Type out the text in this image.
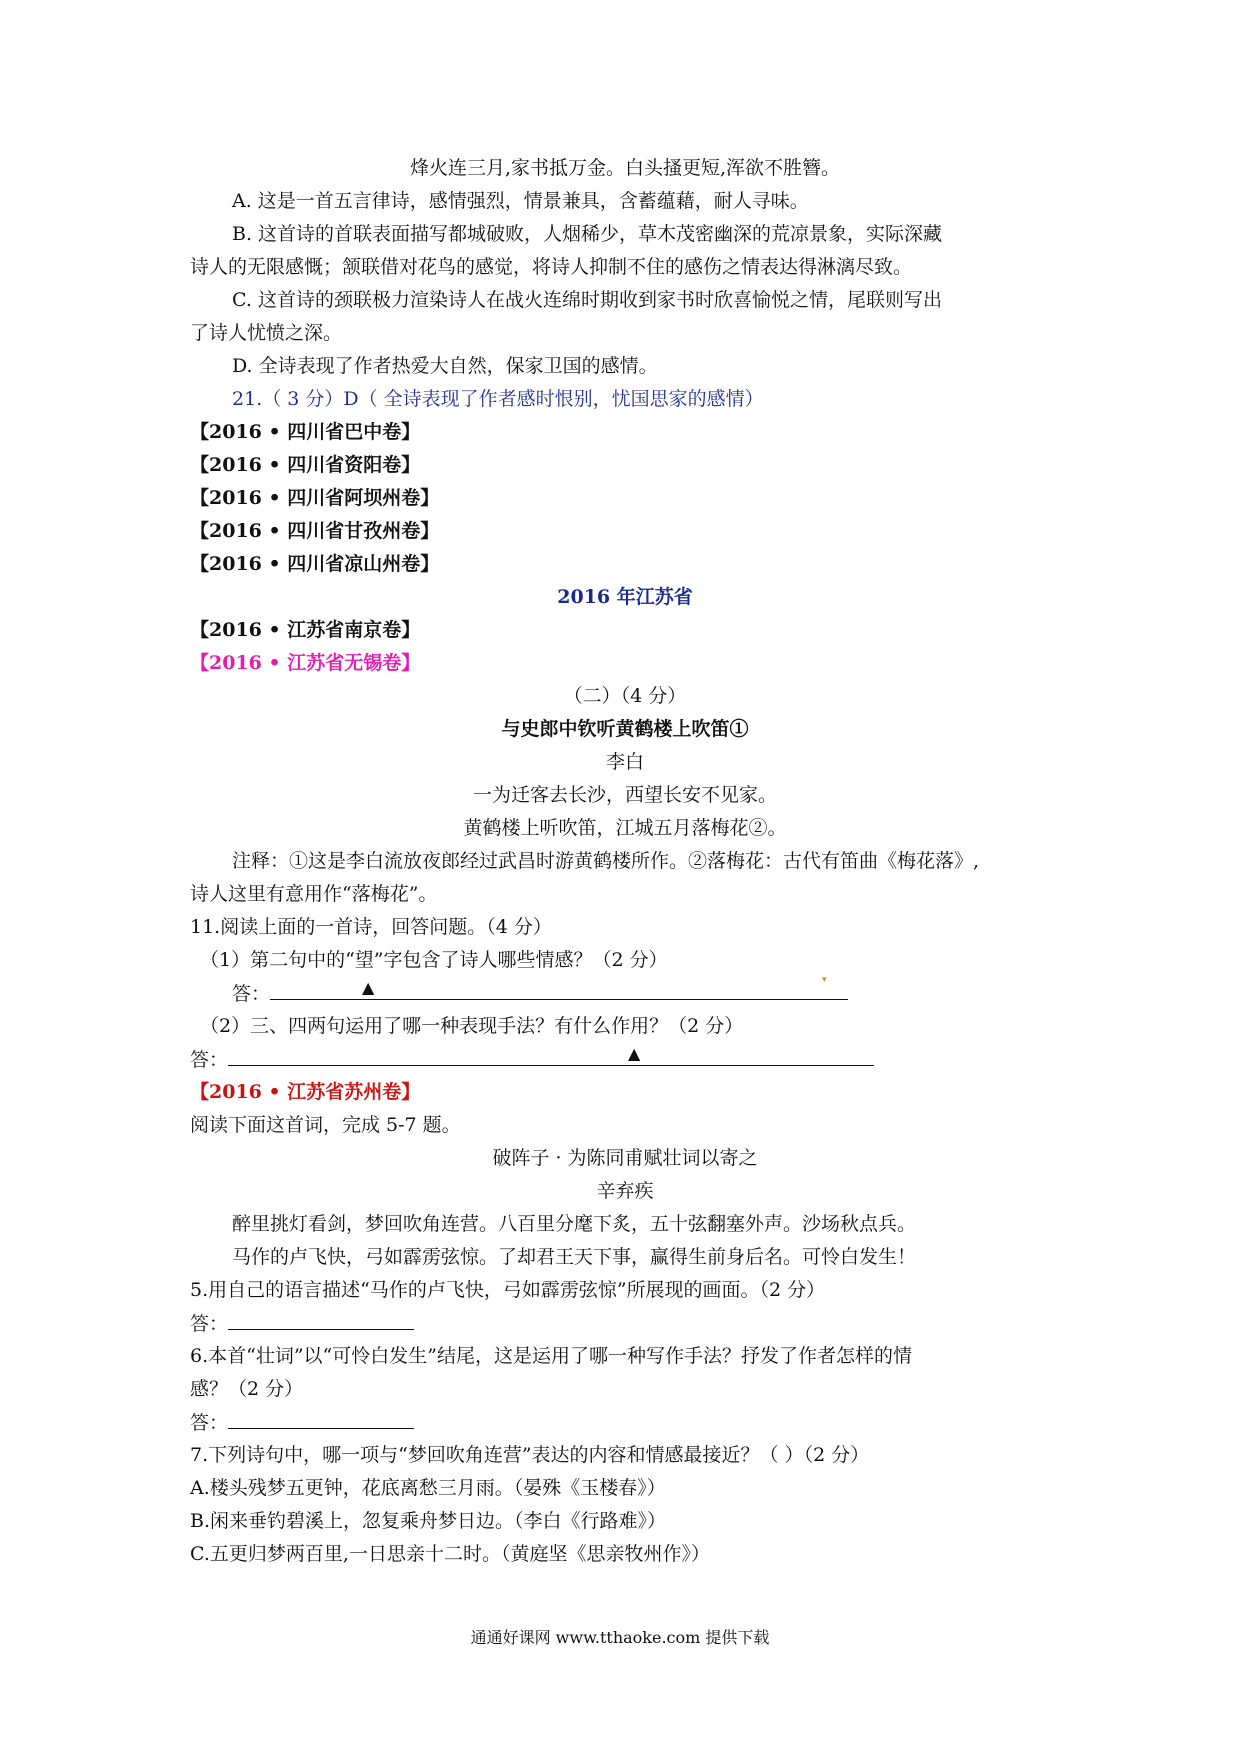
烽火连三月,家书抵万金。白头搔更短,浑欲不胜簪。
A. 这是一首五言律诗，感情强烈，情景兼具，含蓄蕴藉，耐人寻味。
B. 这首诗的首联表面描写都城破败，人烟稀少，草木茂密幽深的荒凉景象，实际深藏
诗人的无限感慨；颔联借对花鸟的感觉，将诗人抑制不住的感伤之情表达得淋漓尽致。
C. 这首诗的颈联极力渲染诗人在战火连绵时期收到家书时欣喜愉悦之情，尾联则写出
了诗人忧愤之深。
D. 全诗表现了作者热爱大自然，保家卫国的感情。
21.（ 3 分）D（ 全诗表现了作者感时恨别，忧国思家的感情）
【2016 • 四川省巴中卷】
【2016 • 四川省资阳卷】
【2016 • 四川省阿坝州卷】
【2016 • 四川省甘孜州卷】
【2016 • 四川省凉山州卷】
2016 年江苏省
【2016 • 江苏省南京卷】
【2016 • 江苏省无锡卷】
（二）（4 分）
与史郎中钦听黄鹤楼上吹笛①
李白
一为迁客去长沙，西望长安不见家。
黄鹤楼上听吹笛，江城五月落梅花②。
注释：①这是李白流放夜郎经过武昌时游黄鹤楼所作。②落梅花：古代有笛曲《梅花落》,
诗人这里有意用作“落梅花”。
11.阅读上面的一首诗，回答问题。（4 分）
（1）第二句中的“望”字包含了诗人哪些情感？（2 分）
答：	▲	▾
（2）三、四两句运用了哪一种表现手法？有什么作用？（2 分）
答：	▲
【2016 • 江苏省苏州卷】
阅读下面这首词，完成 5-7 题。
破阵子 · 为陈同甫赋壮词以寄之
辛弃疾
醉里挑灯看剑，梦回吹角连营。八百里分麾下炙，五十弦翻塞外声。沙场秋点兵。
马作的卢飞快，弓如霹雳弦惊。了却君王天下事，赢得生前身后名。可怜白发生！
5.用自己的语言描述“马作的卢飞快，弓如霹雳弦惊”所展现的画面。（2 分）
答：
6.本首“壮词”以“可怜白发生”结尾，这是运用了哪一种写作手法？抒发了作者怎样的情
感？（2 分）
答：
7.下列诗句中，哪一项与“梦回吹角连营”表达的内容和情感最接近？（ ）（2 分）
A.楼头残梦五更钟，花底离愁三月雨。（晏殊《玉楼春》）
B.闲来垂钓碧溪上，忽复乘舟梦日边。（李白《行路难》）
C.五更归梦两百里,一日思亲十二时。（黄庭坚《思亲牧州作》）
通通好课网 www.tthaoke.com 提供下载
